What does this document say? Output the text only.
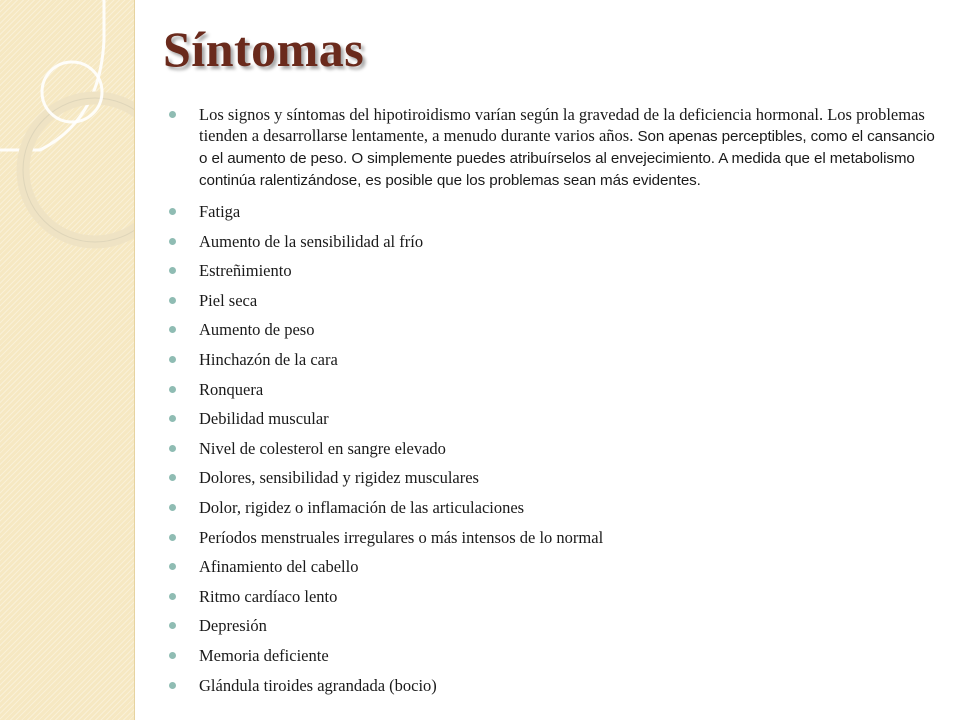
Síntomas
Los signos y síntomas del hipotiroidismo varían según la gravedad de la deficiencia hormonal. Los problemas tienden a desarrollarse lentamente, a menudo durante varios años. Son apenas perceptibles, como el cansancio o el aumento de peso. O simplemente puedes atribuírselos al envejecimiento. A medida que el metabolismo continúa ralentizándose, es posible que los problemas sean más evidentes.
Fatiga
Aumento de la sensibilidad al frío
Estreñimiento
Piel seca
Aumento de peso
Hinchazón de la cara
Ronquera
Debilidad muscular
Nivel de colesterol en sangre elevado
Dolores, sensibilidad y rigidez musculares
Dolor, rigidez o inflamación de las articulaciones
Períodos menstruales irregulares o más intensos de lo normal
Afinamiento del cabello
Ritmo cardíaco lento
Depresión
Memoria deficiente
Glándula tiroides agrandada (bocio)
